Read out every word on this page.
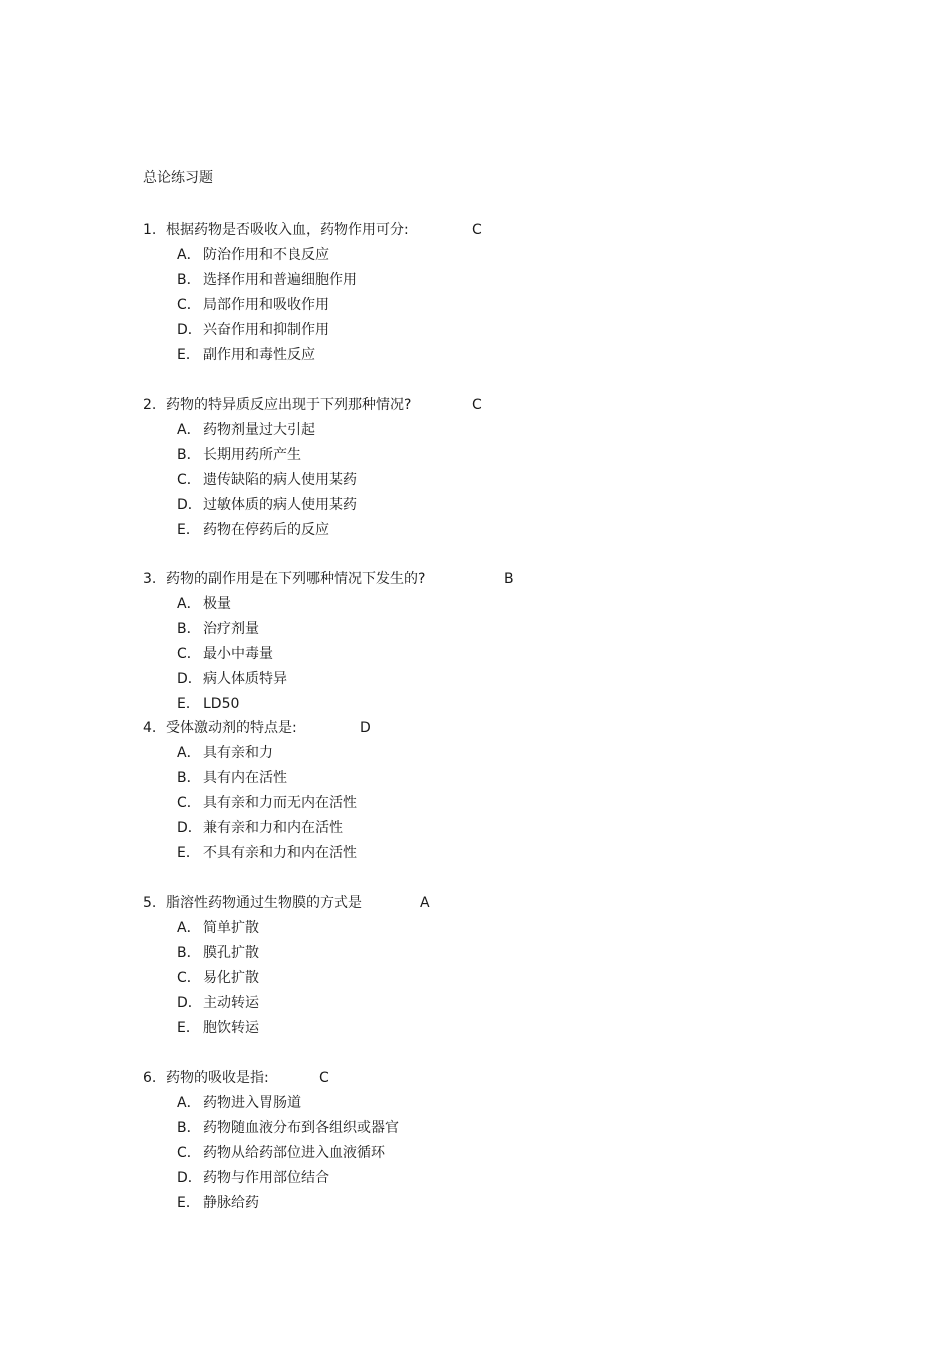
总论练习题
1. 根据药物是否吸收入血，药物作用可分:	C
A． 防治作用和不良反应
B． 选择作用和普遍细胞作用
C． 局部作用和吸收作用
D．兴奋作用和抑制作用
E． 副作用和毒性反应
2. 药物的特异质反应出现于下列那种情况?	C
A． 药物剂量过大引起
B． 长期用药所产生
C． 遗传缺陷的病人使用某药
D．过敏体质的病人使用某药
E． 药物在停药后的反应
3. 药物的副作用是在下列哪种情况下发生的?	B
A． 极量
B． 治疗剂量
C． 最小中毒量
D．病人体质特异
E． LD50
4. 受体激动剂的特点是:	D
A． 具有亲和力
B． 具有内在活性
C． 具有亲和力而无内在活性
D．兼有亲和力和内在活性
E． 不具有亲和力和内在活性
5. 脂溶性药物通过生物膜的方式是	A
A． 简单扩散
B． 膜孔扩散
C． 易化扩散
D．主动转运
E． 胞饮转运
6. 药物的吸收是指:	C
A． 药物进入胃肠道
B． 药物随血液分布到各组织或器官
C． 药物从给药部位进入血液循环
D．药物与作用部位结合
E． 静脉给药
